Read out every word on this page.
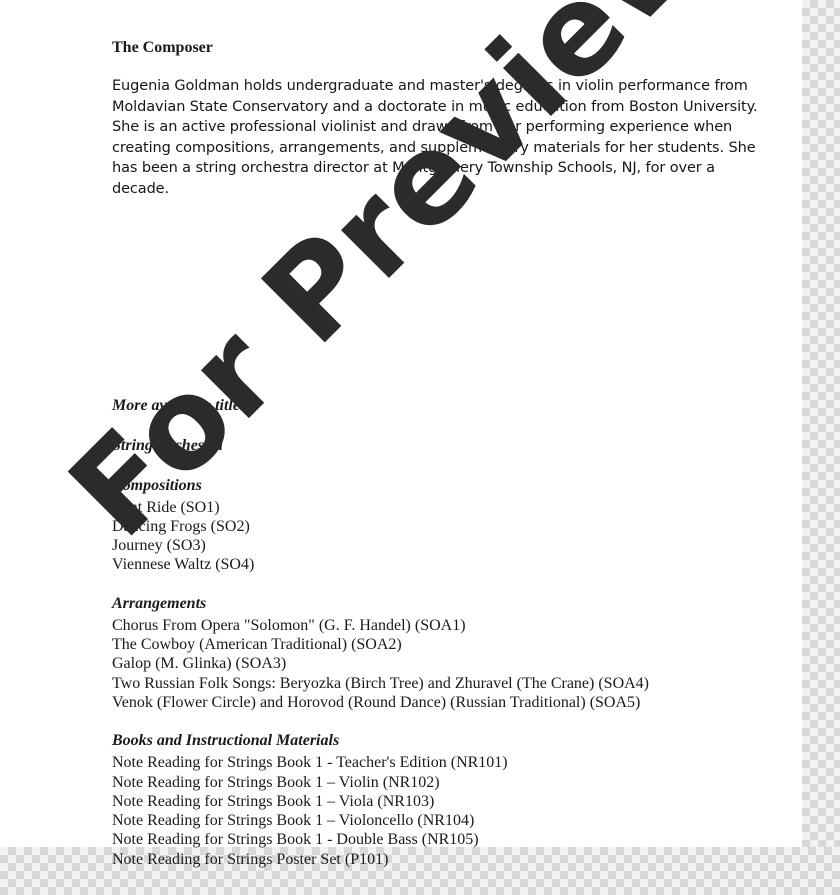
The Composer

Eugenia Goldman holds undergraduate and master's degrees in violin performance from Moldavian State Conservatory and a doctorate in music education from Boston University. She is an active professional violinist and draws from her performing experience when creating compositions, arrangements, and supplementary materials for her students. She has been a string orchestra director at Montgomery Township Schools, NJ, for over a decade.

More available titles:
String Orchestra
Compositions
Boat Ride (SO1)
Dancing Frogs (SO2)
Journey (SO3)
Viennese Waltz (SO4)
Arrangements
Chorus From Opera "Solomon" (G. F. Handel) (SOA1)
The Cowboy (American Traditional) (SOA2)
Galop (M. Glinka) (SOA3)
Two Russian Folk Songs: Beryozka (Birch Tree) and Zhuravel (The Crane) (SOA4)
Venok (Flower Circle) and Horovod (Round Dance) (Russian Traditional) (SOA5)
Books and Instructional Materials
Note Reading for Strings Book 1 - Teacher's Edition (NR101)
Note Reading for Strings Book 1 – Violin (NR102)
Note Reading for Strings Book 1 – Viola (NR103)
Note Reading for Strings Book 1 – Violoncello (NR104)
Note Reading for Strings Book 1 - Double Bass (NR105)
Note Reading for Strings Poster Set (P101)
For Preview
